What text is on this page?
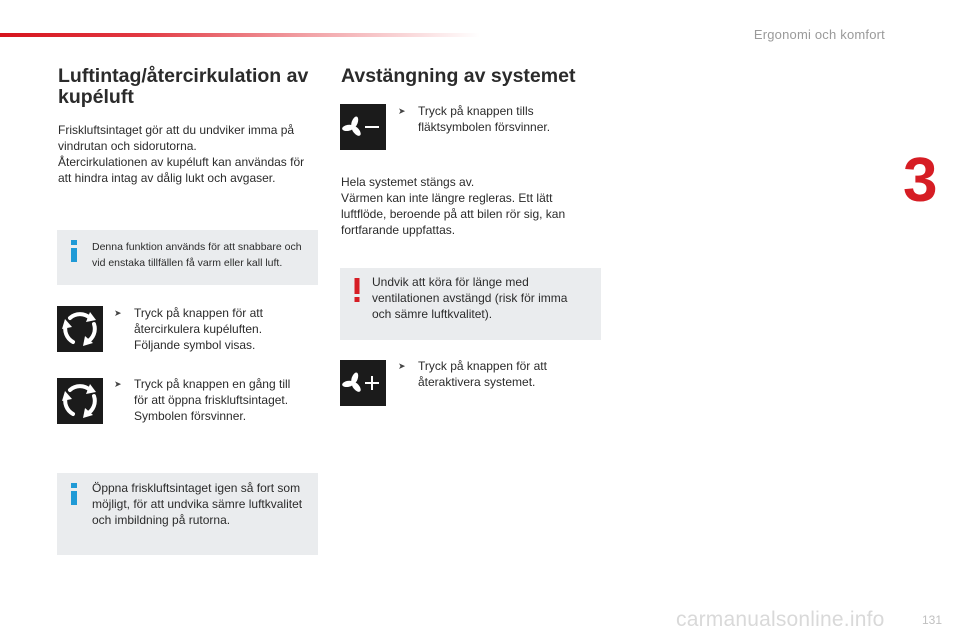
Ergonomi och komfort
3
Luftintag/återcirkulation av
kupéluft
Friskluftsintaget gör att du undviker imma på
vindrutan och sidorutorna.
Återcirkulationen av kupéluft kan användas för
att hindra intag av dålig lukt och avgaser.
Denna funktion används för att snabbare och
vid enstaka tillfällen få varm eller kall luft.
➤ Tryck på knappen för att
återcirkulera kupéluften.
Följande symbol visas.
➤ Tryck på knappen en gång till
för att öppna friskluftsintaget.
Symbolen försvinner.
Öppna friskluftsintaget igen så fort som
möjligt, för att undvika sämre luftkvalitet
och imbildning på rutorna.
Avstängning av systemet
➤ Tryck på knappen tills
fläktsymbolen försvinner.
Hela systemet stängs av.
Värmen kan inte längre regleras. Ett lätt
luftflöde, beroende på att bilen rör sig, kan
fortfarande uppfattas.
Undvik att köra för länge med
ventilationen avstängd (risk för imma
och sämre luftkvalitet).
➤ Tryck på knappen för att
återaktivera systemet.
carmanualsonline.info	131
